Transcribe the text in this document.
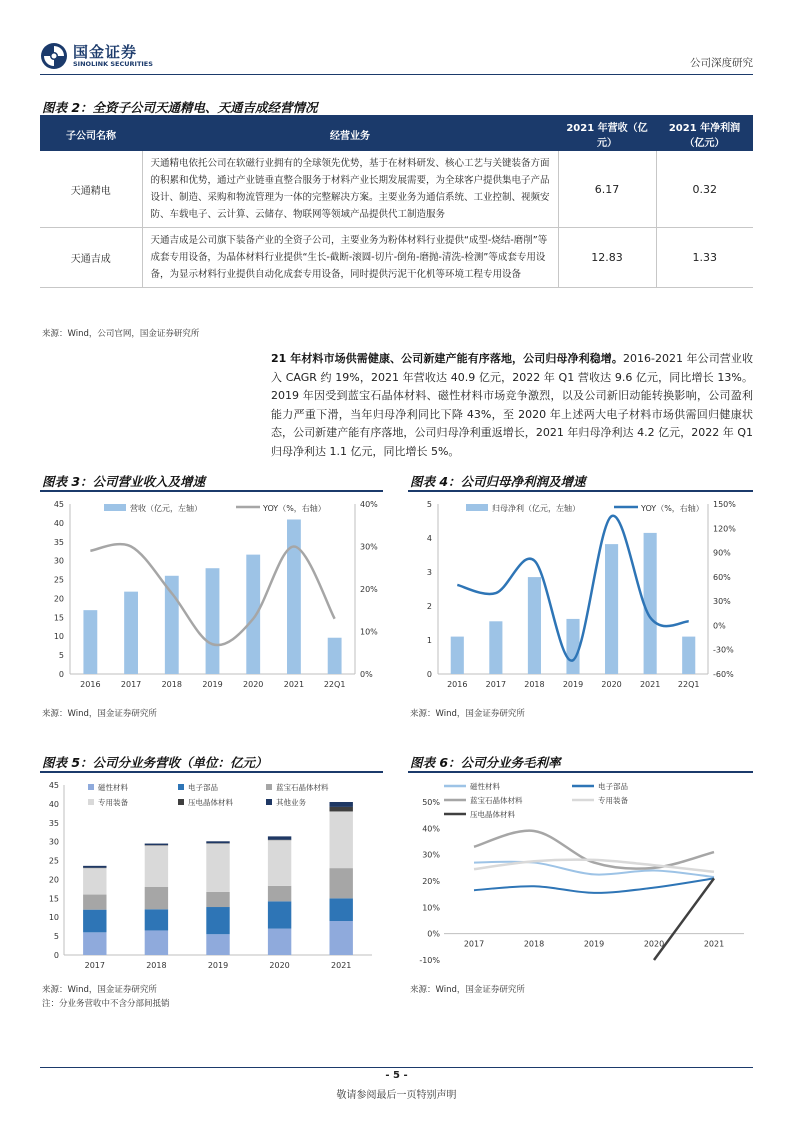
国金证券
SINOLINK SECURITIES	公司深度研究
图表 2：全资子公司天通精电、天通吉成经营情况
子公司名称	经营业务	2021 年营收（亿元）	2021 年净利润（亿元）
天通精电	天通精电依托公司在软磁行业拥有的全球领先优势，基于在材料研发、核心工艺与关键装备方面的积累和优势，通过产业链垂直整合服务于材料产业长期发展需要，为全球客户提供集电子产品设计、制造、采购和物流管理为一体的完整解决方案。主要业务为通信系统、工业控制、视频安防、车载电子、云计算、云储存、物联网等领域产品提供代工制造服务	6.17	0.32
天通吉成	天通吉成是公司旗下装备产业的全资子公司，主要业务为粉体材料行业提供“成型-烧结-磨削”等成套专用设备，为晶体材料行业提供“生长-截断-滚圆-切片-倒角-磨抛-清洗-检测”等成套专用设备，为显示材料行业提供自动化成套专用设备，同时提供污泥干化机等环境工程专用设备	12.83	1.33
来源：Wind，公司官网，国金证券研究所
21 年材料市场供需健康、公司新建产能有序落地，公司归母净利稳增。2016-2021 年公司营业收入 CAGR 约 19%，2021 年营收达 40.9 亿元，2022 年 Q1 营收达 9.6 亿元，同比增长 13%。2019 年因受到蓝宝石晶体材料、磁性材料市场竞争激烈，以及公司新旧动能转换影响，公司盈利能力严重下滑，当年归母净利同比下降 43%，至 2020 年上述两大电子材料市场供需回归健康状态，公司新建产能有序落地，公司归母净利重返增长，2021 年归母净利达 4.2 亿元，2022 年 Q1 归母净利达 1.1 亿元，同比增长 5%。
图表 3：公司营业收入及增速
营收（亿元，左轴）	YOY（%，右轴）
0
5
10
15
20
25
30
35
40
45
0%
10%
20%
30%
40%
2016	2017	2018	2019	2020	2021 22Q1
来源：Wind，国金证券研究所
图表 4：公司归母净利润及增速
归母净利（亿元，左轴）	YOY（%，右轴）
0
1
2
3
4
5
-60%
-30%
0%
30%
60%
90%
120%
150%
2016 2017 2018 2019 2020 2021 22Q1
来源：Wind，国金证券研究所
图表 5：公司分业务营收（单位：亿元）
0
5
10
15
20
25
30
35
40
45
2017	2018	2019	2020	2021
磁性材料	电子部品	蓝宝石晶体材料
专用装备	压电晶体材料	其他业务
来源：Wind，国金证券研究所
注：分业务营收中不含分部间抵销
图表 6：公司分业务毛利率
-10%
0%
10%
20%
30%
40%
50%
2017	2018	2019	2020	2021
磁性材料	电子部品
蓝宝石晶体材料	专用装备
压电晶体材料
来源：Wind，国金证券研究所
- 5 -
敬请参阅最后一页特别声明
